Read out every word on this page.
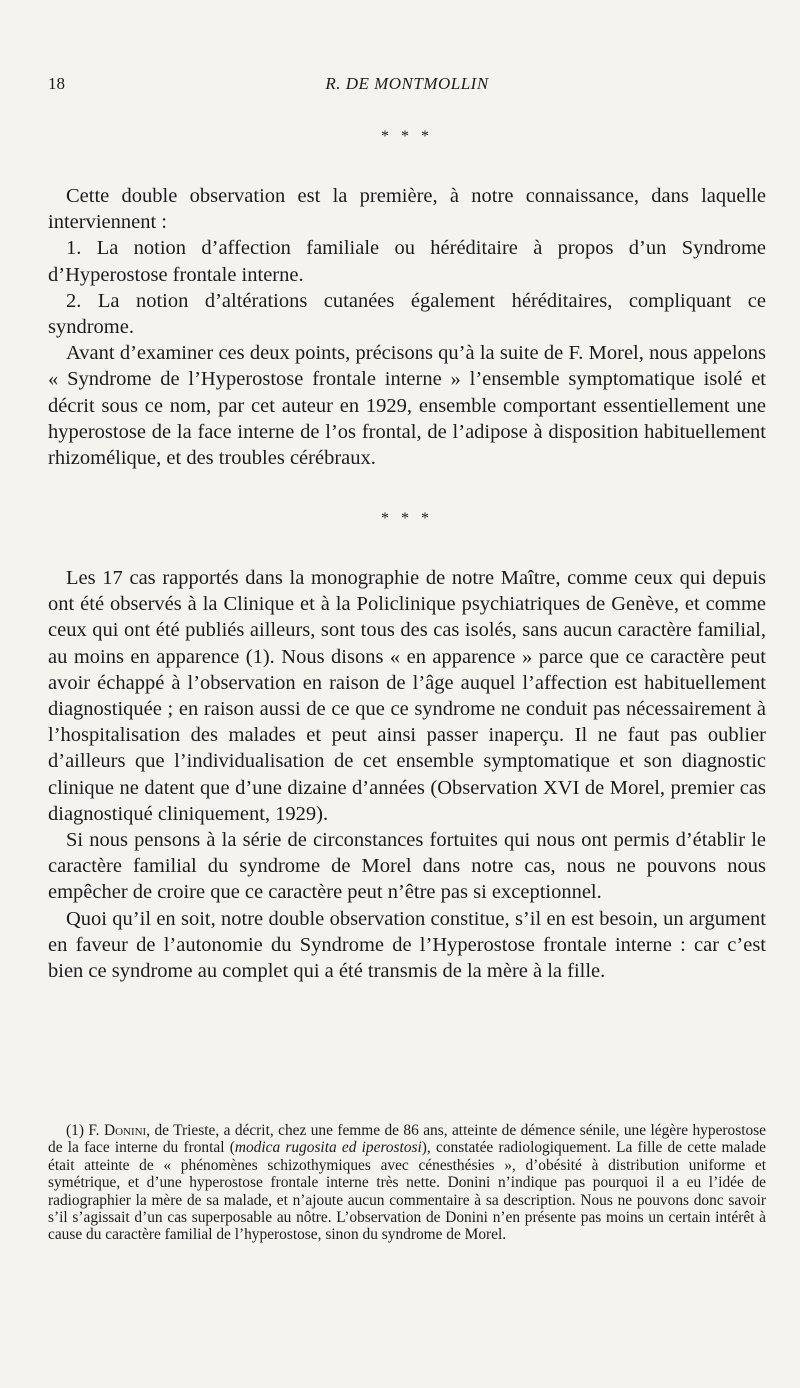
18	R. DE MONTMOLLIN
* * *

Cette double observation est la première, à notre connaissance, dans laquelle interviennent :

1. La notion d’affection familiale ou héréditaire à propos d’un Syndrome d’Hyperostose frontale interne.

2. La notion d’altérations cutanées également héréditaires, compliquant ce syndrome.

Avant d’examiner ces deux points, précisons qu’à la suite de F. Morel, nous appelons « Syndrome de l’Hyperostose frontale interne » l’ensemble symptomatique isolé et décrit sous ce nom, par cet auteur en 1929, ensemble comportant essentiellement une hyperostose de la face interne de l’os frontal, de l’adipose à disposition habituellement rhizomélique, et des troubles cérébraux.

* * *

Les 17 cas rapportés dans la monographie de notre Maître, comme ceux qui depuis ont été observés à la Clinique et à la Policlinique psychiatriques de Genève, et comme ceux qui ont été publiés ailleurs, sont tous des cas isolés, sans aucun caractère familial, au moins en apparence (1). Nous disons « en apparence » parce que ce caractère peut avoir échappé à l’observation en raison de l’âge auquel l’affection est habituellement diagnostiquée ; en raison aussi de ce que ce syndrome ne conduit pas nécessairement à l’hospitalisation des malades et peut ainsi passer inaperçu. Il ne faut pas oublier d’ailleurs que l’individualisation de cet ensemble symptomatique et son diagnostic clinique ne datent que d’une dizaine d’années (Observation XVI de Morel, premier cas diagnostiqué cliniquement, 1929).

Si nous pensons à la série de circonstances fortuites qui nous ont permis d’établir le caractère familial du syndrome de Morel dans notre cas, nous ne pouvons nous empêcher de croire que ce caractère peut n’être pas si exceptionnel.

Quoi qu’il en soit, notre double observation constitue, s’il en est besoin, un argument en faveur de l’autonomie du Syndrome de l’Hyperostose frontale interne : car c’est bien ce syndrome au complet qui a été transmis de la mère à la fille.

(1) F. Donini, de Trieste, a décrit, chez une femme de 86 ans, atteinte de démence sénile, une légère hyperostose de la face interne du frontal (modica rugosita ed iperostosi), constatée radiologiquement. La fille de cette malade était atteinte de « phénomènes schizothymiques avec cénesthésies », d’obésité à distribution uniforme et symétrique, et d’une hyperostose frontale interne très nette. Donini n’indique pas pourquoi il a eu l’idée de radiographier la mère de sa malade, et n’ajoute aucun commentaire à sa description. Nous ne pouvons donc savoir s’il s’agissait d’un cas superposable au nôtre. L’observation de Donini n’en présente pas moins un certain intérêt à cause du caractère familial de l’hyperostose, sinon du syndrome de Morel.
